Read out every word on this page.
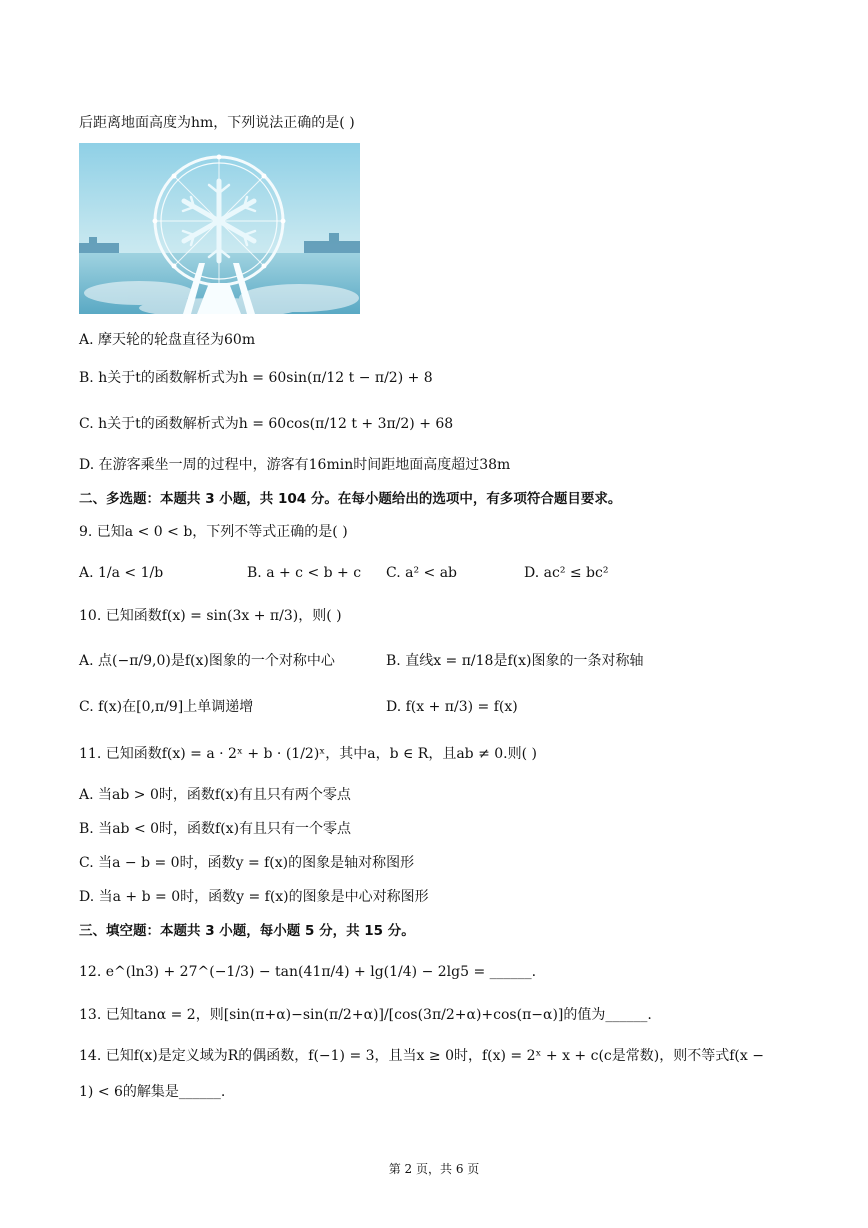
后距离地面高度为hm，下列说法正确的是( )
A. 摩天轮的轮盘直径为60m
B. h关于t的函数解析式为h = 60sin(π/12 t − π/2) + 8
C. h关于t的函数解析式为h = 60cos(π/12 t + 3π/2) + 68
D. 在游客乘坐一周的过程中，游客有16min时间距地面高度超过38m
二、多选题：本题共 3 小题，共 104 分。在每小题给出的选项中，有多项符合题目要求。
9. 已知a < 0 < b，下列不等式正确的是( )
A. 1/a < 1/b	B. a + c < b + c C. a² < ab	D. ac² ≤ bc²
10. 已知函数f(x) = sin(3x + π/3)，则( )
A. 点(−π/9,0)是f(x)图象的一个对称中心	B. 直线x = π/18是f(x)图象的一条对称轴
C. f(x)在[0,π/9]上单调递增	D. f(x + π/3) = f(x)
11. 已知函数f(x) = a · 2ˣ + b · (1/2)ˣ，其中a，b ∈ R，且ab ≠ 0.则( )
A. 当ab > 0时，函数f(x)有且只有两个零点
B. 当ab < 0时，函数f(x)有且只有一个零点
C. 当a − b = 0时，函数y = f(x)的图象是轴对称图形
D. 当a + b = 0时，函数y = f(x)的图象是中心对称图形
三、填空题：本题共 3 小题，每小题 5 分，共 15 分。
12. e^(ln3) + 27^(−1/3) − tan(41π/4) + lg(1/4) − 2lg5 = ______.
13. 已知tanα = 2，则[sin(π+α)−sin(π/2+α)]/[cos(3π/2+α)+cos(π−α)]的值为______.
14. 已知f(x)是定义域为R的偶函数，f(−1) = 3，且当x ≥ 0时，f(x) = 2ˣ + x + c(c是常数)，则不等式f(x −
1) < 6的解集是______.
第 2 页，共 6 页
